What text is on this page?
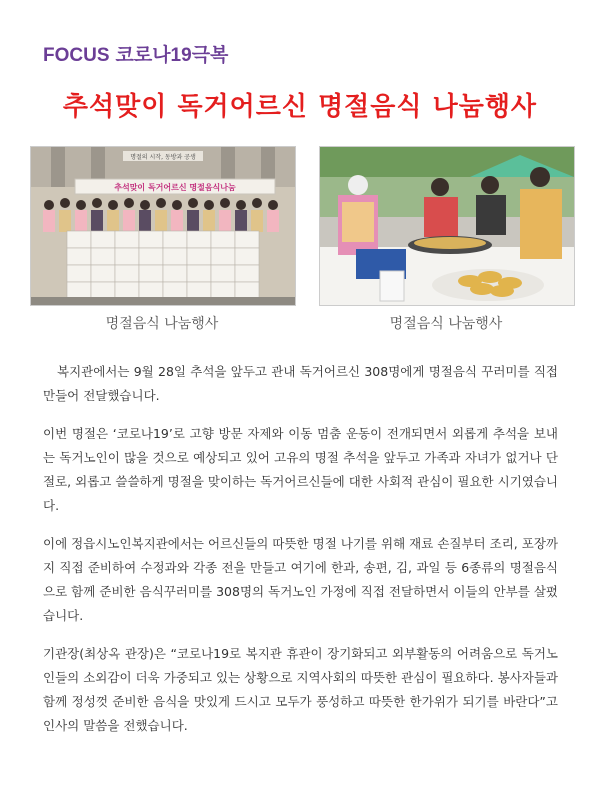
FOCUS 코로나19극복
추석맞이 독거어르신 명절음식 나눔행사
명절의 시작, 동방과 공생
추석맞이 독거어르신 명절음식나눔
명절음식 나눔행사	명절음식 나눔행사

복지관에서는 9월 28일 추석을 앞두고 관내 독거어르신 308명에게 명절음식 꾸러미를 직접 만들어 전달했습니다.

이번 명절은 ‘코로나19’로 고향 방문 자제와 이동 멈춤 운동이 전개되면서 외롭게 추석을 보내는 독거노인이 많을 것으로 예상되고 있어 고유의 명절 추석을 앞두고 가족과 자녀가 없거나 단절로, 외롭고 쓸쓸하게 명절을 맞이하는 독거어르신들에 대한 사회적 관심이 필요한 시기였습니다.

이에 정읍시노인복지관에서는 어르신들의 따뜻한 명절 나기를 위해 재료 손질부터 조리, 포장까지 직접 준비하여 수정과와 각종 전을 만들고 여기에 한과, 송편, 김, 과일 등 6종류의 명절음식으로 함께 준비한 음식꾸러미를 308명의 독거노인 가정에 직접 전달하면서 이들의 안부를 살폈습니다.

기관장(최상옥 관장)은 “코로나19로 복지관 휴관이 장기화되고 외부활동의 어려움으로 독거노인들의 소외감이 더욱 가중되고 있는 상황으로 지역사회의 따뜻한 관심이 필요하다. 봉사자들과 함께 정성껏 준비한 음식을 맛있게 드시고 모두가 풍성하고 따뜻한 한가위가 되기를 바란다”고 인사의 말씀을 전했습니다.
